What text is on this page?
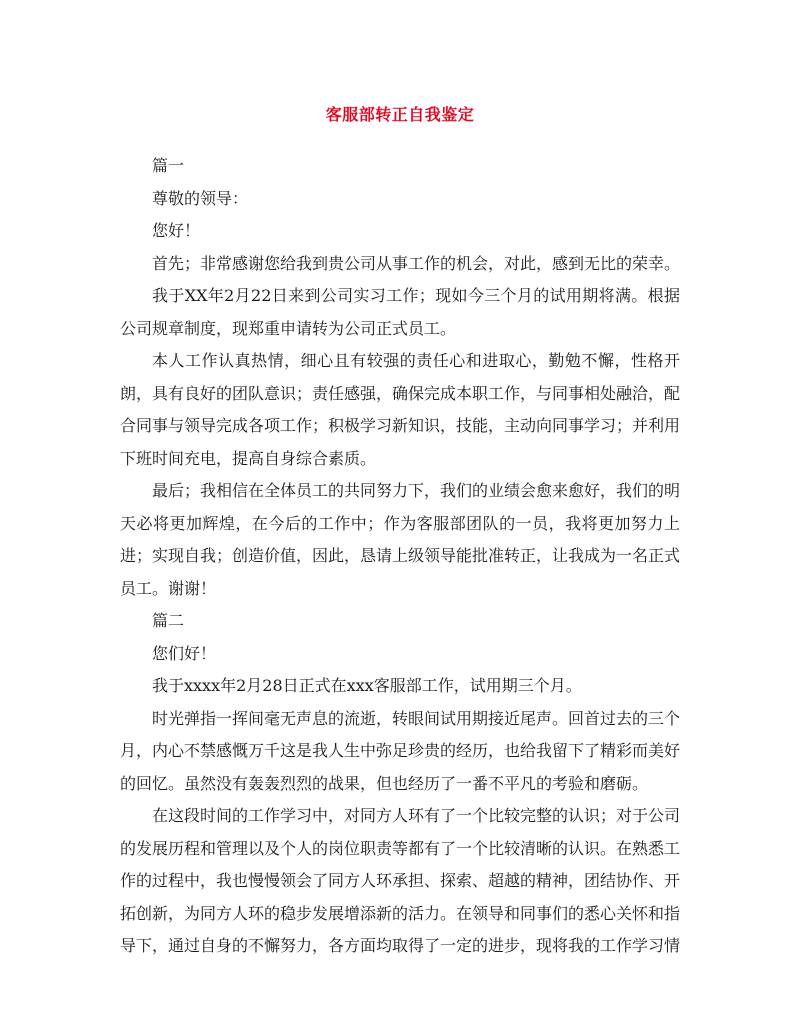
客服部转正自我鉴定

篇一

尊敬的领导：

您好！

首先；非常感谢您给我到贵公司从事工作的机会，对此，感到无比的荣幸。

我于XX年2月22日来到公司实习工作；现如今三个月的试用期将满。根据公司规章制度，现郑重申请转为公司正式员工。

本人工作认真热情，细心且有较强的责任心和进取心，勤勉不懈，性格开朗，具有良好的团队意识；责任感强，确保完成本职工作，与同事相处融洽，配合同事与领导完成各项工作；积极学习新知识，技能，主动向同事学习；并利用下班时间充电，提高自身综合素质。

最后；我相信在全体员工的共同努力下，我们的业绩会愈来愈好，我们的明天必将更加辉煌，在今后的工作中；作为客服部团队的一员，我将更加努力上进；实现自我；创造价值，因此，恳请上级领导能批准转正，让我成为一名正式员工。谢谢！

篇二

您们好！

我于xxxx年2月28日正式在xxx客服部工作，试用期三个月。

时光弹指一挥间毫无声息的流逝，转眼间试用期接近尾声。回首过去的三个月，内心不禁感慨万千这是我人生中弥足珍贵的经历，也给我留下了精彩而美好的回忆。虽然没有轰轰烈烈的战果，但也经历了一番不平凡的考验和磨砺。

在这段时间的工作学习中，对同方人环有了一个比较完整的认识；对于公司的发展历程和管理以及个人的岗位职责等都有了一个比较清晰的认识。在熟悉工作的过程中，我也慢慢领会了同方人环承担、探索、超越的精神，团结协作、开拓创新，为同方人环的稳步发展增添新的活力。在领导和同事们的悉心关怀和指导下，通过自身的不懈努力，各方面均取得了一定的进步，现将我的工作学习情
